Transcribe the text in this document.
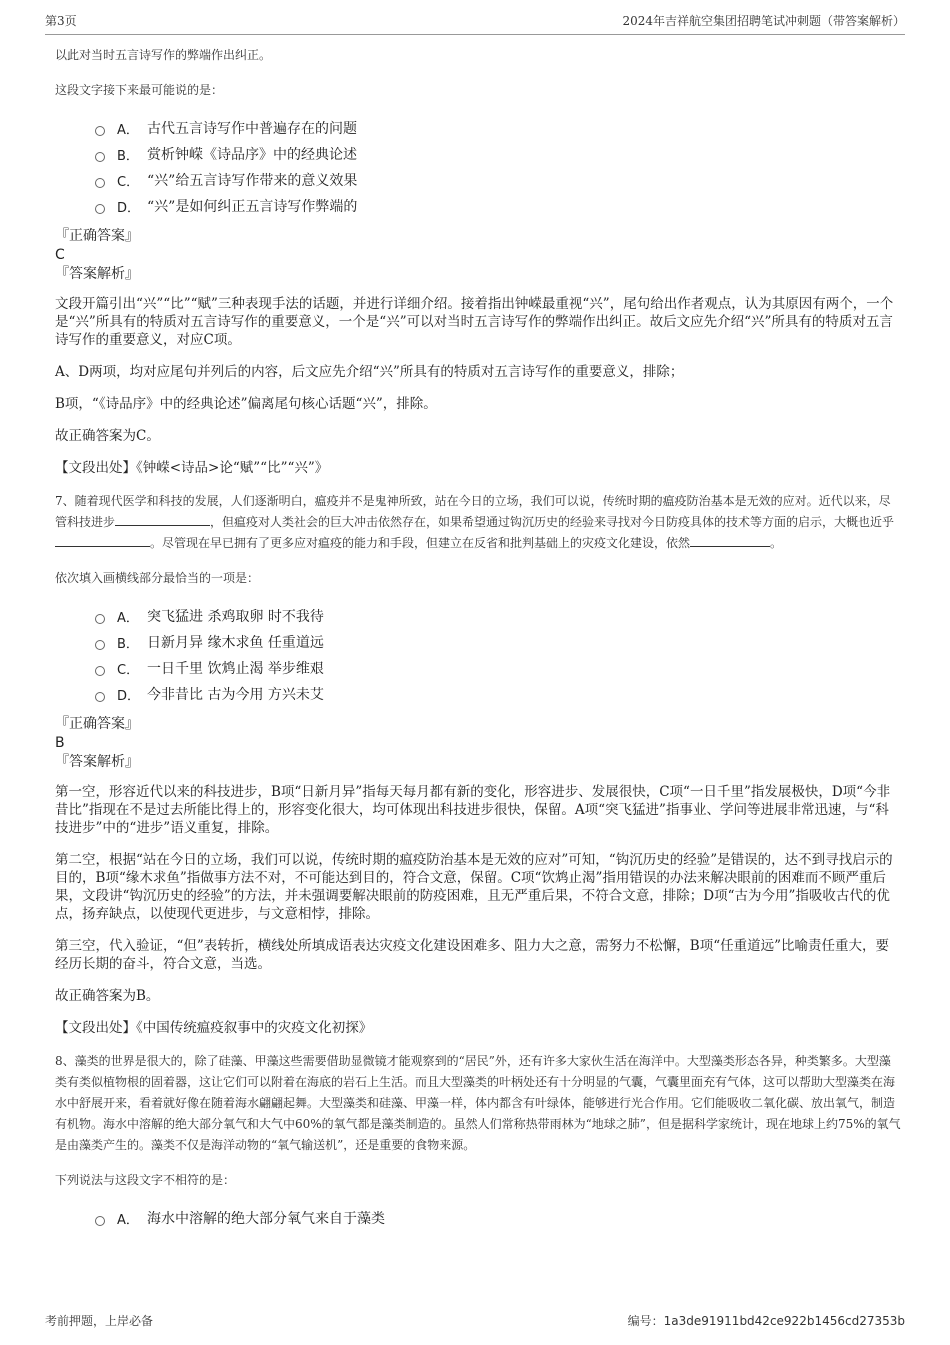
第3页	2024年吉祥航空集团招聘笔试冲刺题（带答案解析）

以此对当时五言诗写作的弊端作出纠正。

这段文字接下来最可能说的是：

A． 古代五言诗写作中普遍存在的问题
B． 赏析钟嵘《诗品序》中的经典论述
C． “兴”给五言诗写作带来的意义效果
D． “兴”是如何纠正五言诗写作弊端的

『正确答案』

C

『答案解析』

文段开篇引出“兴”“比”“赋”三种表现手法的话题，并进行详细介绍。接着指出钟嵘最重视“兴”，尾句给出作者观点，认为其原因有两个，一个是“兴”所具有的特质对五言诗写作的重要意义，一个是“兴”可以对当时五言诗写作的弊端作出纠正。故后文应先介绍“兴”所具有的特质对五言诗写作的重要意义，对应C项。

A、D两项，均对应尾句并列后的内容，后文应先介绍“兴”所具有的特质对五言诗写作的重要意义，排除；

B项，“《诗品序》中的经典论述”偏离尾句核心话题“兴”，排除。

故正确答案为C。

【文段出处】《钟嵘<诗品>论“赋”“比”“兴”》

7、随着现代医学和科技的发展，人们逐渐明白，瘟疫并不是鬼神所致，站在今日的立场，我们可以说，传统时期的瘟疫防治基本是无效的应对。近代以来，尽管科技进步	，但瘟疫对人类社会的巨大冲击依然存在，如果希望通过钩沉历史的经验来寻找对今日防疫具体的技术等方面的启示，大概也近乎。尽管现在早已拥有了更多应对瘟疫的能力和手段，但建立在反省和批判基础上的灾疫文化建设，依然	。

依次填入画横线部分最恰当的一项是：

A． 突飞猛进 杀鸡取卵 时不我待
B． 日新月异 缘木求鱼 任重道远
C． 一日千里 饮鸩止渴 举步维艰
D． 今非昔比 古为今用 方兴未艾

『正确答案』

B

『答案解析』

第一空，形容近代以来的科技进步，B项“日新月异”指每天每月都有新的变化，形容进步、发展很快，C项“一日千里”指发展极快，D项“今非昔比”指现在不是过去所能比得上的，形容变化很大，均可体现出科技进步很快，保留。A项“突飞猛进”指事业、学问等进展非常迅速，与“科技进步”中的“进步”语义重复，排除。

第二空，根据“站在今日的立场，我们可以说，传统时期的瘟疫防治基本是无效的应对”可知，“钩沉历史的经验”是错误的，达不到寻找启示的目的，B项“缘木求鱼”指做事方法不对，不可能达到目的，符合文意，保留。C项“饮鸩止渴”指用错误的办法来解决眼前的困难而不顾严重后果，文段讲“钩沉历史的经验”的方法，并未强调要解决眼前的防疫困难，且无严重后果，不符合文意，排除；D项“古为今用”指吸收古代的优点，扬弃缺点，以使现代更进步，与文意相悖，排除。

第三空，代入验证，“但”表转折，横线处所填成语表达灾疫文化建设困难多、阻力大之意，需努力不松懈，B项“任重道远”比喻责任重大，要经历长期的奋斗，符合文意，当选。

故正确答案为B。

【文段出处】《中国传统瘟疫叙事中的灾疫文化初探》

8、藻类的世界是很大的，除了硅藻、甲藻这些需要借助显微镜才能观察到的“居民”外，还有许多大家伙生活在海洋中。大型藻类形态各异，种类繁多。大型藻类有类似植物根的固着器，这让它们可以附着在海底的岩石上生活。而且大型藻类的叶柄处还有十分明显的气囊，气囊里面充有气体，这可以帮助大型藻类在海水中舒展开来，看着就好像在随着海水翩翩起舞。大型藻类和硅藻、甲藻一样，体内都含有叶绿体，能够进行光合作用。它们能吸收二氧化碳、放出氧气，制造有机物。海水中溶解的绝大部分氧气和大气中60%的氧气都是藻类制造的。虽然人们常称热带雨林为“地球之肺”，但是据科学家统计，现在地球上约75%的氧气是由藻类产生的。藻类不仅是海洋动物的“氧气输送机”，还是重要的食物来源。

下列说法与这段文字不相符的是：

A． 海水中溶解的绝大部分氧气来自于藻类
考前押题，上岸必备	编号：1a3de91911bd42ce922b1456cd27353b
